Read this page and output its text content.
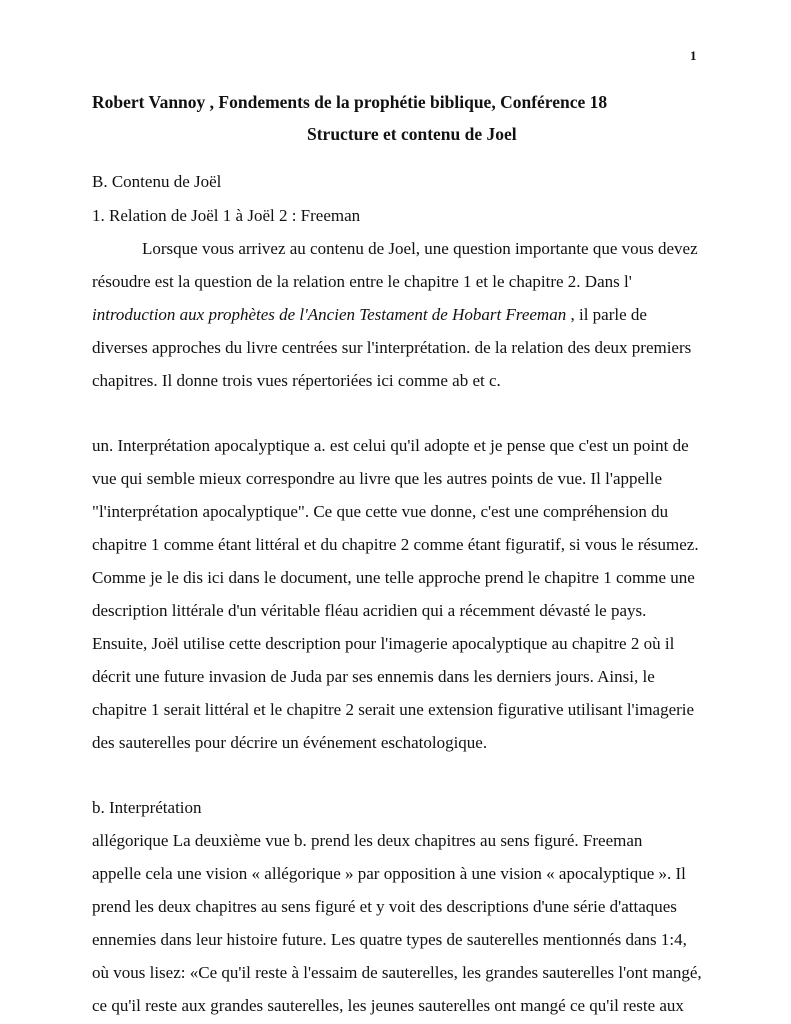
1
Robert Vannoy , Fondements de la prophétie biblique, Conférence 18
Structure et contenu de Joel
B. Contenu de Joël
1. Relation de Joël 1 à Joël 2 : Freeman
Lorsque vous arrivez au contenu de Joel, une question importante que vous devez
résoudre est la question de la relation entre le chapitre 1 et le chapitre 2. Dans l'
introduction aux prophètes de l'Ancien Testament de Hobart Freeman , il parle de
diverses approches du livre centrées sur l'interprétation. de la relation des deux premiers
chapitres. Il donne trois vues répertoriées ici comme ab et c.
un. Interprétation apocalyptique a. est celui qu'il adopte et je pense que c'est un point de
vue qui semble mieux correspondre au livre que les autres points de vue. Il l'appelle
"l'interprétation apocalyptique". Ce que cette vue donne, c'est une compréhension du
chapitre 1 comme étant littéral et du chapitre 2 comme étant figuratif, si vous le résumez.
Comme je le dis ici dans le document, une telle approche prend le chapitre 1 comme une
description littérale d'un véritable fléau acridien qui a récemment dévasté le pays.
Ensuite, Joël utilise cette description pour l'imagerie apocalyptique au chapitre 2 où il
décrit une future invasion de Juda par ses ennemis dans les derniers jours. Ainsi, le
chapitre 1 serait littéral et le chapitre 2 serait une extension figurative utilisant l'imagerie
des sauterelles pour décrire un événement eschatologique.
b. Interprétation
allégorique La deuxième vue b. prend les deux chapitres au sens figuré. Freeman
appelle cela une vision « allégorique » par opposition à une vision « apocalyptique ». Il
prend les deux chapitres au sens figuré et y voit des descriptions d'une série d'attaques
ennemies dans leur histoire future. Les quatre types de sauterelles mentionnés dans 1:4,
où vous lisez: «Ce qu'il reste à l'essaim de sauterelles, les grandes sauterelles l'ont mangé,
ce qu'il reste aux grandes sauterelles, les jeunes sauterelles ont mangé ce qu'il reste aux
